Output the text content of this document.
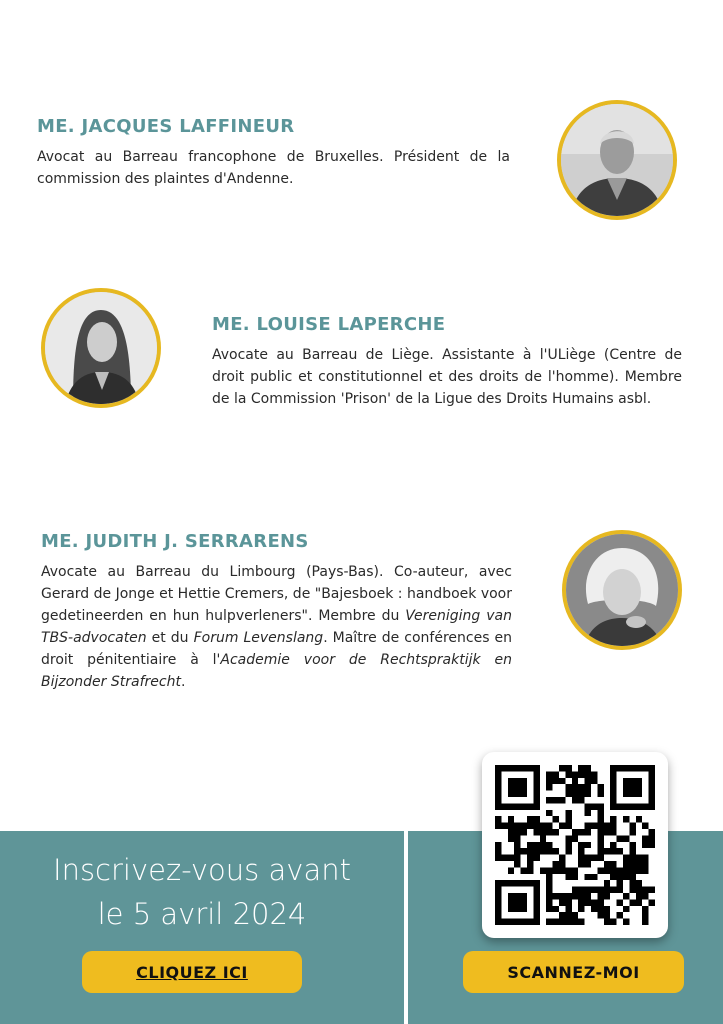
ME. JACQUES LAFFINEUR

Avocat au Barreau francophone de Bruxelles. Président de la commission des plaintes d'Andenne.

ME. LOUISE LAPERCHE

Avocate au Barreau de Liège. Assistante à l'ULiège (Centre de droit public et constitutionnel et des droits de l'homme). Membre de la Commission 'Prison' de la Ligue des Droits Humains asbl.

ME. JUDITH J. SERRARENS

Avocate au Barreau du Limbourg (Pays-Bas). Co-auteur, avec Gerard de Jonge et Hettie Cremers, de "Bajesboek : handboek voor gedetineerden en hun hulpverleners". Membre du Vereniging van TBS-advocaten et du Forum Levenslang. Maître de conférences en droit pénitentiaire à l'Academie voor de Rechtspraktijk en Bijzonder Strafrecht.

Inscrivez-vous avant
le 5 avril 2024
CLIQUEZ ICI	SCANNEZ-MOI
